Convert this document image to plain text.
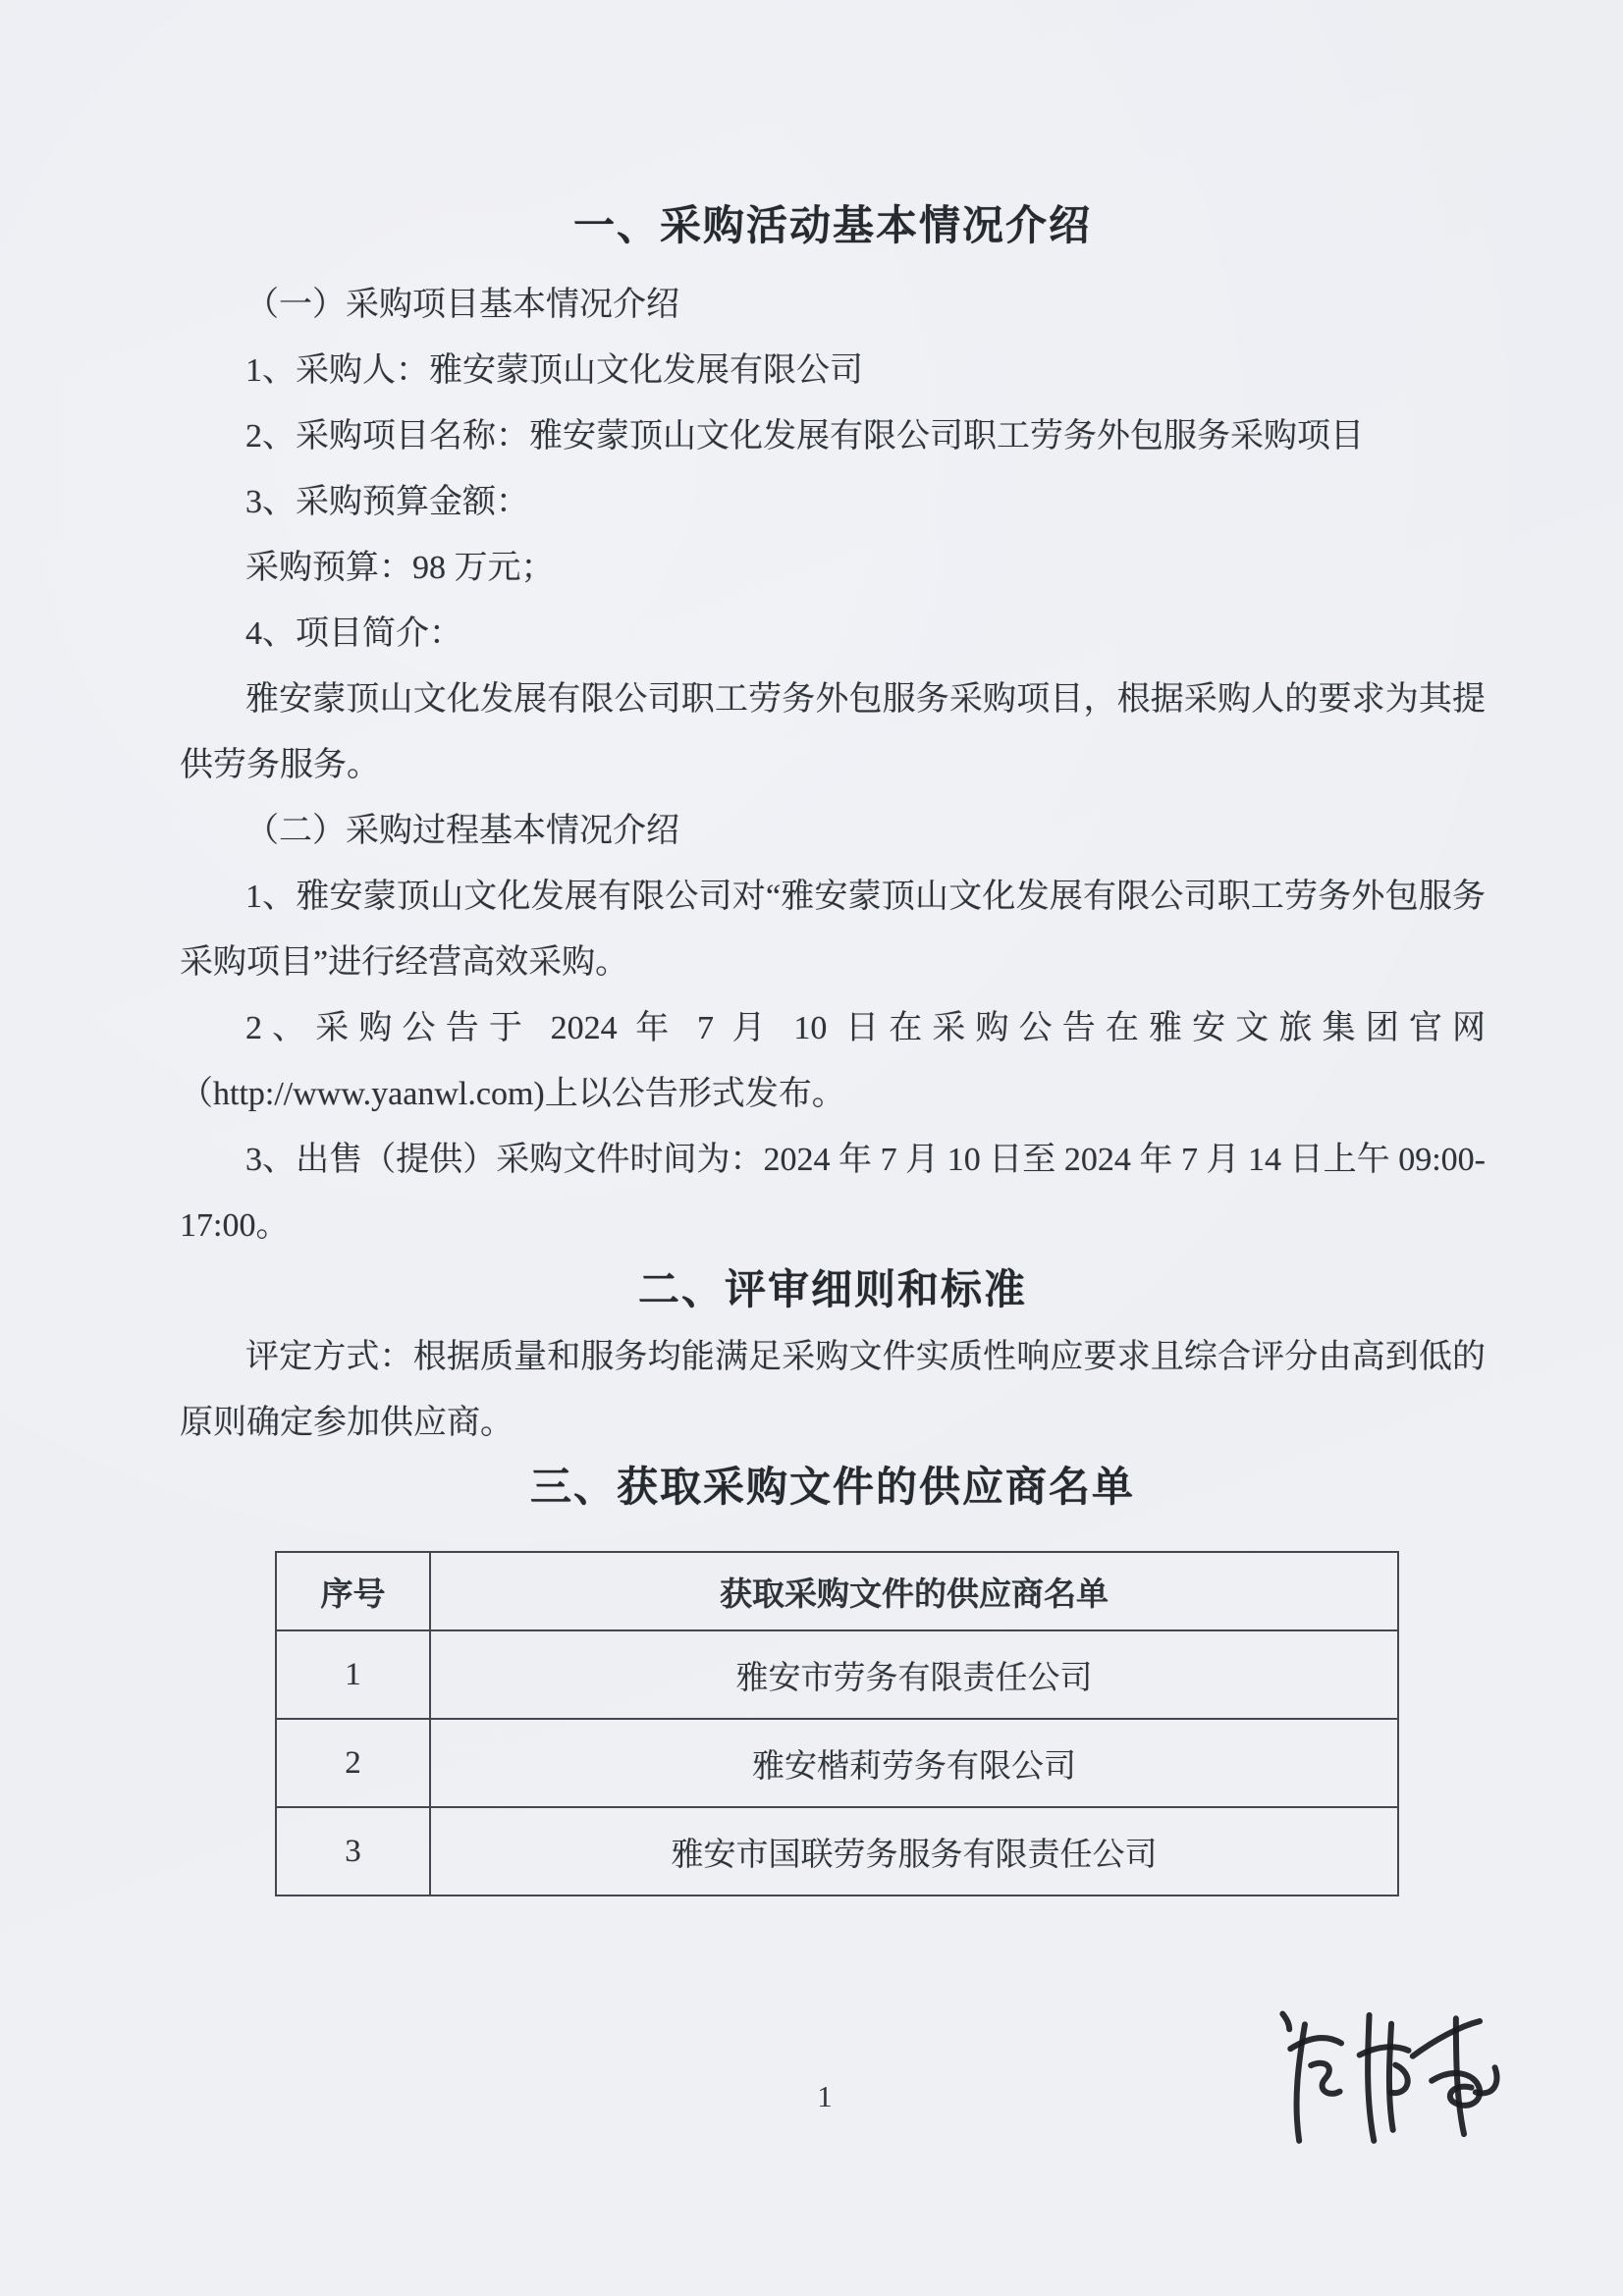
一、采购活动基本情况介绍
（一）采购项目基本情况介绍
1、采购人：雅安蒙顶山文化发展有限公司
2、采购项目名称：雅安蒙顶山文化发展有限公司职工劳务外包服务采购项目
3、采购预算金额：
采购预算：98 万元；
4、项目简介：
雅安蒙顶山文化发展有限公司职工劳务外包服务采购项目，根据采购人的要求为其提
供劳务服务。
（二）采购过程基本情况介绍
1、雅安蒙顶山文化发展有限公司对“雅安蒙顶山文化发展有限公司职工劳务外包服务
采购项目”进行经营高效采购。
2、采购公告于 2024 年 7 月 10 日在采购公告在雅安文旅集团官网
（http://www.yaanwl.com)上以公告形式发布。
3、出售（提供）采购文件时间为：2024 年 7 月 10 日至 2024 年 7 月 14 日上午 09:00-
17:00。
二、评审细则和标准
评定方式：根据质量和服务均能满足采购文件实质性响应要求且综合评分由高到低的
原则确定参加供应商。
三、获取采购文件的供应商名单
序号	获取采购文件的供应商名单
1	雅安市劳务有限责任公司
2	雅安楷莉劳务有限公司
3	雅安市国联劳务服务有限责任公司
1
